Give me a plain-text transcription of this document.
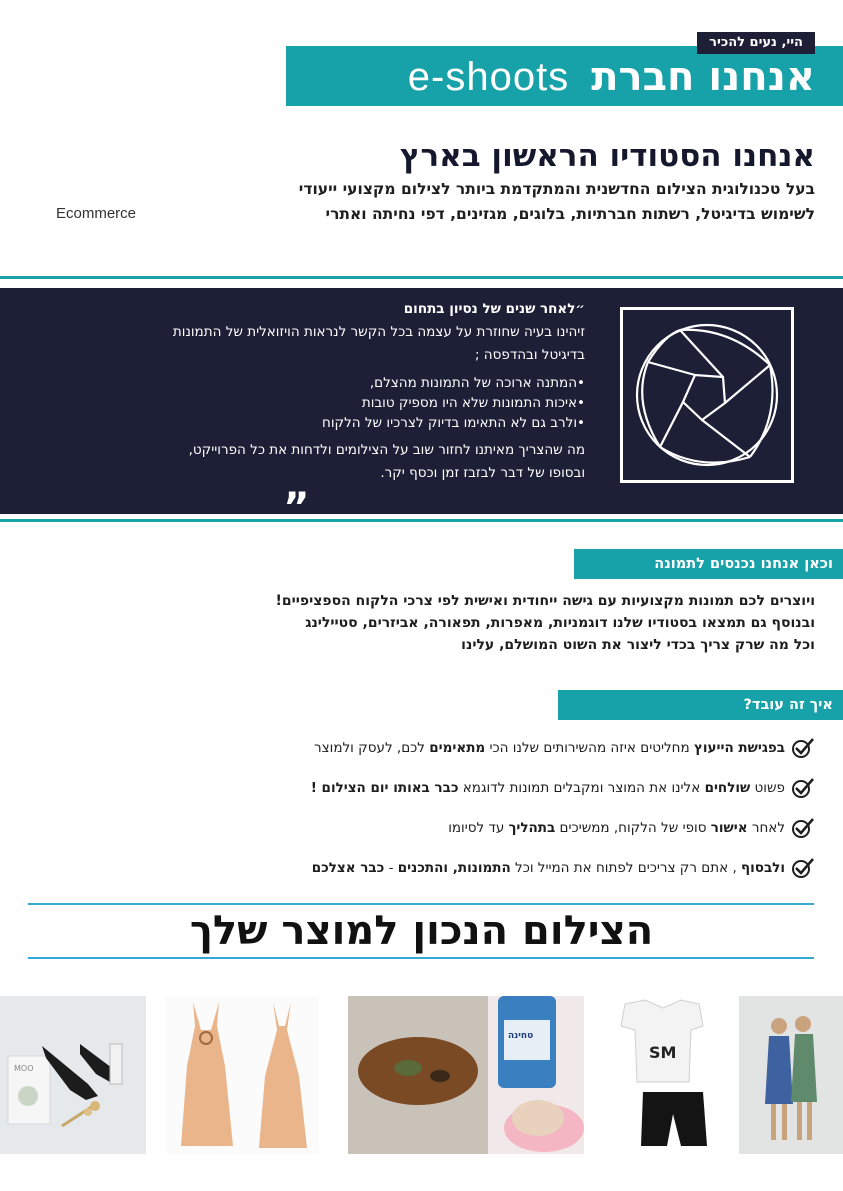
היי, נעים להכיר
אנחנו חברתe-shoots
אנחנו הסטודיו הראשון בארץ
בעל טכנולוגית הצילום החדשנית והמתקדמת ביותר לצילום מקצועי ייעודי
לשימוש בדיגיטל, רשתות חברתיות, בלוגים, מגזינים, דפי נחיתה ואתרי
Ecommerce
״לאחר שנים של נסיון בתחום
זיהינו בעיה שחוזרת על עצמה בכל הקשר לנראות הויזואלית של התמונות
בדיגיטל ובהדפסה ;
•המתנה ארוכה של התמונות מהצלם,
•איכות התמונות שלא היו מספיק טובות
•ולרב גם לא התאימו בדיוק לצרכיו של הלקוח
מה שהצריך מאיתנו לחזור שוב על הצילומים ולדחות את כל הפרוייקט,
ובסופו של דבר לבזבז זמן וכסף יקר.
„
וכאן אנחנו נכנסים לתמונה
ויוצרים לכם תמונות מקצועיות עם גישה ייחודית ואישית לפי צרכי הלקוח הספציפיים!
ובנוסף גם תמצאו בסטודיו שלנו דוגמניות, מאפרות, תפאורה, אביזרים, סטיילינג
וכל מה שרק צריך בכדי ליצור את השוט המושלם, עלינו
איך זה עובד?
בפגישת הייעוץ מחליטים איזה מהשירותים שלנו הכי מתאימים לכם, לעסק ולמוצר
פשוט שולחים אלינו את המוצר ומקבלים תמונות לדוגמא כבר באותו יום הצילום !
לאחר אישור סופי של הלקוח, ממשיכים בתהליך עד לסיומו
ולבסוף , אתם רק צריכים לפתוח את המייל וכל התמונות, והתכנים - כבר אצלכם
הצילום הנכון למוצר שלך
MOO
טחינה
SM
